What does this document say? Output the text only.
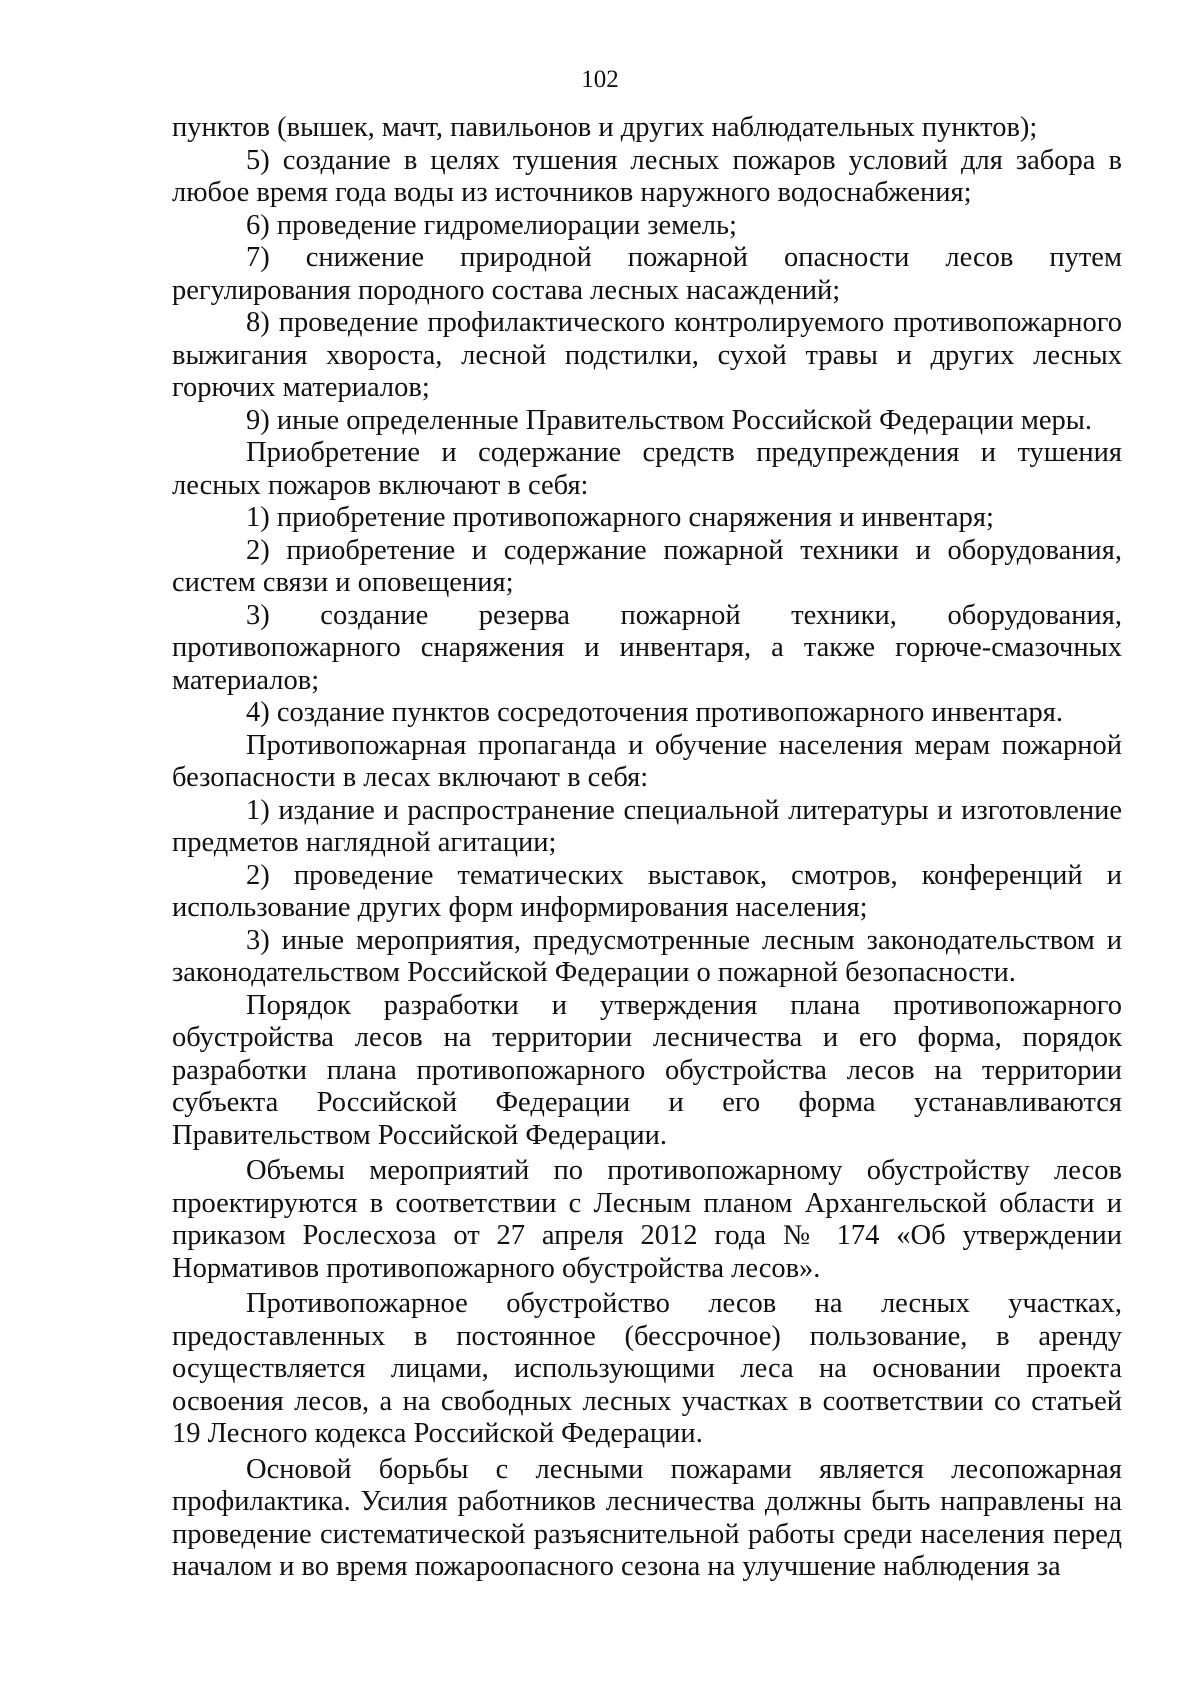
102

пунктов (вышек, мачт, павильонов и других наблюдательных пунктов);

5) создание в целях тушения лесных пожаров условий для забора в любое время года воды из источников наружного водоснабжения;

6) проведение гидромелиорации земель;

7) снижение природной пожарной опасности лесов путем регулирования породного состава лесных насаждений;

8) проведение профилактического контролируемого противопожарного выжигания хвороста, лесной подстилки, сухой травы и других лесных горючих материалов;

9) иные определенные Правительством Российской Федерации меры.

Приобретение и содержание средств предупреждения и тушения лесных пожаров включают в себя:

1) приобретение противопожарного снаряжения и инвентаря;

2) приобретение и содержание пожарной техники и оборудования, систем связи и оповещения;

3) создание резерва пожарной техники, оборудования, противопожарного снаряжения и инвентаря, а также горюче-смазочных материалов;

4) создание пунктов сосредоточения противопожарного инвентаря.

Противопожарная пропаганда и обучение населения мерам пожарной безопасности в лесах включают в себя:

1) издание и распространение специальной литературы и изготовление предметов наглядной агитации;

2) проведение тематических выставок, смотров, конференций и использование других форм информирования населения;

3) иные мероприятия, предусмотренные лесным законодательством и законодательством Российской Федерации о пожарной безопасности.

Порядок разработки и утверждения плана противопожарного обустройства лесов на территории лесничества и его форма, порядок разработки плана противопожарного обустройства лесов на территории субъекта Российской Федерации и его форма устанавливаются Правительством Российской Федерации.

Объемы мероприятий по противопожарному обустройству лесов проектируются в соответствии с Лесным планом Архангельской области и приказом Рослесхоза от 27 апреля 2012 года № 174 «Об утверждении Нормативов противопожарного обустройства лесов».

Противопожарное обустройство лесов на лесных участках, предоставленных в постоянное (бессрочное) пользование, в аренду осуществляется лицами, использующими леса на основании проекта освоения лесов, а на свободных лесных участках в соответствии со статьей 19 Лесного кодекса Российской Федерации.

Основой борьбы с лесными пожарами является лесопожарная профилактика. Усилия работников лесничества должны быть направлены на проведение систематической разъяснительной работы среди населения перед началом и во время пожароопасного сезона на улучшение наблюдения за
